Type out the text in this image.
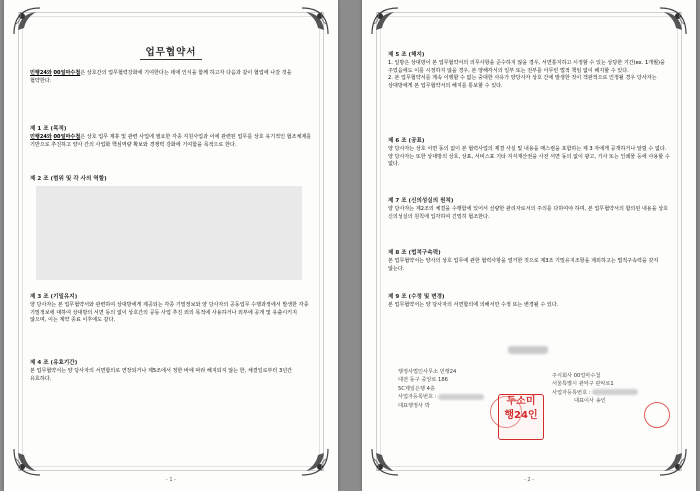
업무협약서

민행24와 00얼마수첩은 상호간의 업무협력강화에 기여한다는 데에 인식을 함께 하고자 다음과 같이 협업에 나갈 것을 협약한다.

제 1 조 (목적)

민행24와 00얼마수첩은 상호 업무 제휴 및 관련 사업에 필요한 각종 지원사업과 이에 관련된 업무를 상호 유기적인 협조체제를 기반으로 추진하고 양사 간의 사업화 핵심역량 확보와 경쟁력 강화에 기여함을 목적으로 한다.

제 2 조 (범위 및 각 사의 역할)

제 3 조 (기밀유지)

양 당사자는 본 업무협약서와 관련하여 상대방에게 제공되는 각종 기밀정보와 양 당사자의 공동업무 수행과정에서 발생한 각종 기밀정보에 대하여 상대방의 서면 동의 없이 상호간의 공동 사업 추진 외의 목적에 사용하거나 외부에 공개 및 유출시키지 않으며, 이는 계약 종료 이후에도 같다.

제 4 조 (유효기간)

본 업무협약서는 양 당사자의 서면합의로 연장되거나 제5조에서 정한 바에 따라 해지되지 않는 한, 체결일로부터 3년간 유효하다.

- 1 -

제 5 조 (해지)

1. 일방은 상대방이 본 업무협약서의 의무사항을 준수하지 않을 경우, 서면통지하고 시정할 수 있는 상당한 기간(ex. 1개월)을 주었음에도 이를 시정하지 않을 경우, 본 양해각서의 일부 또는 전부를 아무런 법적 책임 없이 해지할 수 있다.

2. 본 업무협약서를 계속 이행할 수 없는 중대한 사유가 양당사자 상호 간에 발생한 것이 객관적으로 인정될 경우 당사자는 상대방에게 본 업무협약서의 해지를 통보할 수 있다.

제 6 조 (공표)

양 당사자는 상호 서면 동의 없이 본 협력사업의 제결 사실 및 내용을 매스컴을 포함하는 제 3 자에게 공개하거나 알릴 수 없다. 양 당사자는 또한 상대방의 상호, 상표, 서비스표 기타 지식재산권을 사전 서면 동의 없이 광고, 기사 또는 인쇄물 등에 사용할 수 없다.

제 7 조 (신의성실의 원칙)

양 당사자는 제2조의 체결을 수행함에 있어서 선량한 관리자로서의 주의를 다하여야 하며, 본 업무협약서의 합의된 내용을 상호 신의성실의 원칙에 입각하여 긴밀히 협조한다.

제 8 조 (법적구속력)

본 업무협약서는 양사의 상호 업무에 관한 협력사항을 열거한 것으로 제3조 기밀유지조항을 제외하고는 법적구속력을 갖지 않는다.

제 9 조 (수정 및 변경)

본 업무협약서는 양 당사자의 서면합의에 의해서만 수정 또는 변경될 수 있다.

행정사법인사무소 민행24
대전 동구 중앙로 186
5C제일은행 4층
사업자등록번호 :
대표행정사 박
주식회사 00얼마수첩
서울특별시 관악구 관악로1
사업자등록번호 :
대표이사 송인
두소미
행24인
- 2 -
